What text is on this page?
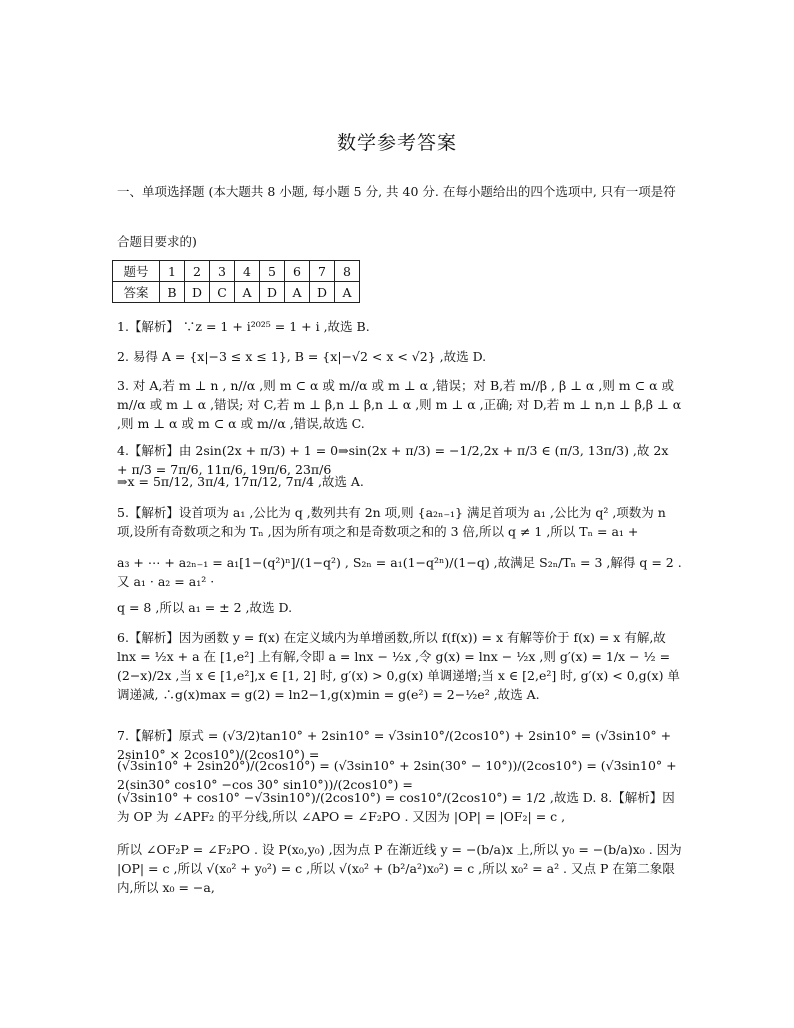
数学参考答案
一、单项选择题 (本大题共 8 小题, 每小题 5 分, 共 40 分. 在每小题给出的四个选项中, 只有一项是符
合题目要求的)
题号	1	2	3	4	5	6	7	8
答案	B	D	C	A	D	A	D	A
1.【解析】 ∵z = 1 + i²⁰²⁵ = 1 + i ,故选 B.
2. 易得 A = {x|−3 ≤ x ≤ 1}, B = {x|−√2 < x < √2} ,故选 D.
3. 对 A,若 m ⊥ n , n//α ,则 m ⊂ α 或 m//α 或 m ⊥ α ,错误；对 B,若 m//β , β ⊥ α ,则 m ⊂ α 或 m//α 或 m ⊥ α ,错误; 对 C,若 m ⊥ β,n ⊥ β,n ⊥ α ,则 m ⊥ α ,正确; 对 D,若 m ⊥ n,n ⊥ β,β ⊥ α ,则 m ⊥ α 或 m ⊂ α 或 m//α ,错误,故选 C.
4.【解析】由 2sin(2x + π/3) + 1 = 0⇒sin(2x + π/3) = −1/2,2x + π/3 ∈ (π/3, 13π/3) ,故 2x + π/3 = 7π/6, 11π/6, 19π/6, 23π/6
⇒x = 5π/12, 3π/4, 17π/12, 7π/4 ,故选 A.
5.【解析】设首项为 a₁ ,公比为 q ,数列共有 2n 项,则 {a₂ₙ₋₁} 满足首项为 a₁ ,公比为 q² ,项数为 n 项,设所有奇数项之和为 Tₙ ,因为所有项之和是奇数项之和的 3 倍,所以 q ≠ 1 ,所以 Tₙ = a₁ +
a₃ + ⋯ + a₂ₙ₋₁ = a₁[1−(q²)ⁿ]/(1−q²) , S₂ₙ = a₁(1−q²ⁿ)/(1−q) ,故满足 S₂ₙ/Tₙ = 3 ,解得 q = 2 . 又 a₁ · a₂ = a₁² ·
q = 8 ,所以 a₁ = ± 2 ,故选 D.
6.【解析】因为函数 y = f(x) 在定义域内为单增函数,所以 f(f(x)) = x 有解等价于 f(x) = x 有解,故 lnx = ½x + a 在 [1,e²] 上有解,令即 a = lnx − ½x ,令 g(x) = lnx − ½x ,则 g′(x) = 1/x − ½ = (2−x)/2x ,当 x ∈ [1,e²],x ∈ [1, 2] 时, g′(x) > 0,g(x) 单调递增;当 x ∈ [2,e²] 时, g′(x) < 0,g(x) 单调递减, ∴g(x)max = g(2) = ln2−1,g(x)min = g(e²) = 2−½e² ,故选 A.
7.【解析】原式 = (√3/2)tan10° + 2sin10° = √3sin10°/(2cos10°) + 2sin10° = (√3sin10° + 2sin10° × 2cos10°)/(2cos10°) =
(√3sin10° + 2sin20°)/(2cos10°) = (√3sin10° + 2sin(30° − 10°))/(2cos10°) = (√3sin10° + 2(sin30° cos10° −cos 30° sin10°))/(2cos10°) =
(√3sin10° + cos10° −√3sin10°)/(2cos10°) = cos10°/(2cos10°) = 1/2 ,故选 D. 8.【解析】因为 OP 为 ∠APF₂ 的平分线,所以 ∠APO = ∠F₂PO . 又因为 |OP| = |OF₂| = c ,
所以 ∠OF₂P = ∠F₂PO . 设 P(x₀,y₀) ,因为点 P 在渐近线 y = −(b/a)x 上,所以 y₀ = −(b/a)x₀ . 因为 |OP| = c ,所以 √(x₀² + y₀²) = c ,所以 √(x₀² + (b²/a²)x₀²) = c ,所以 x₀² = a² . 又点 P 在第二象限内,所以 x₀ = −a,
